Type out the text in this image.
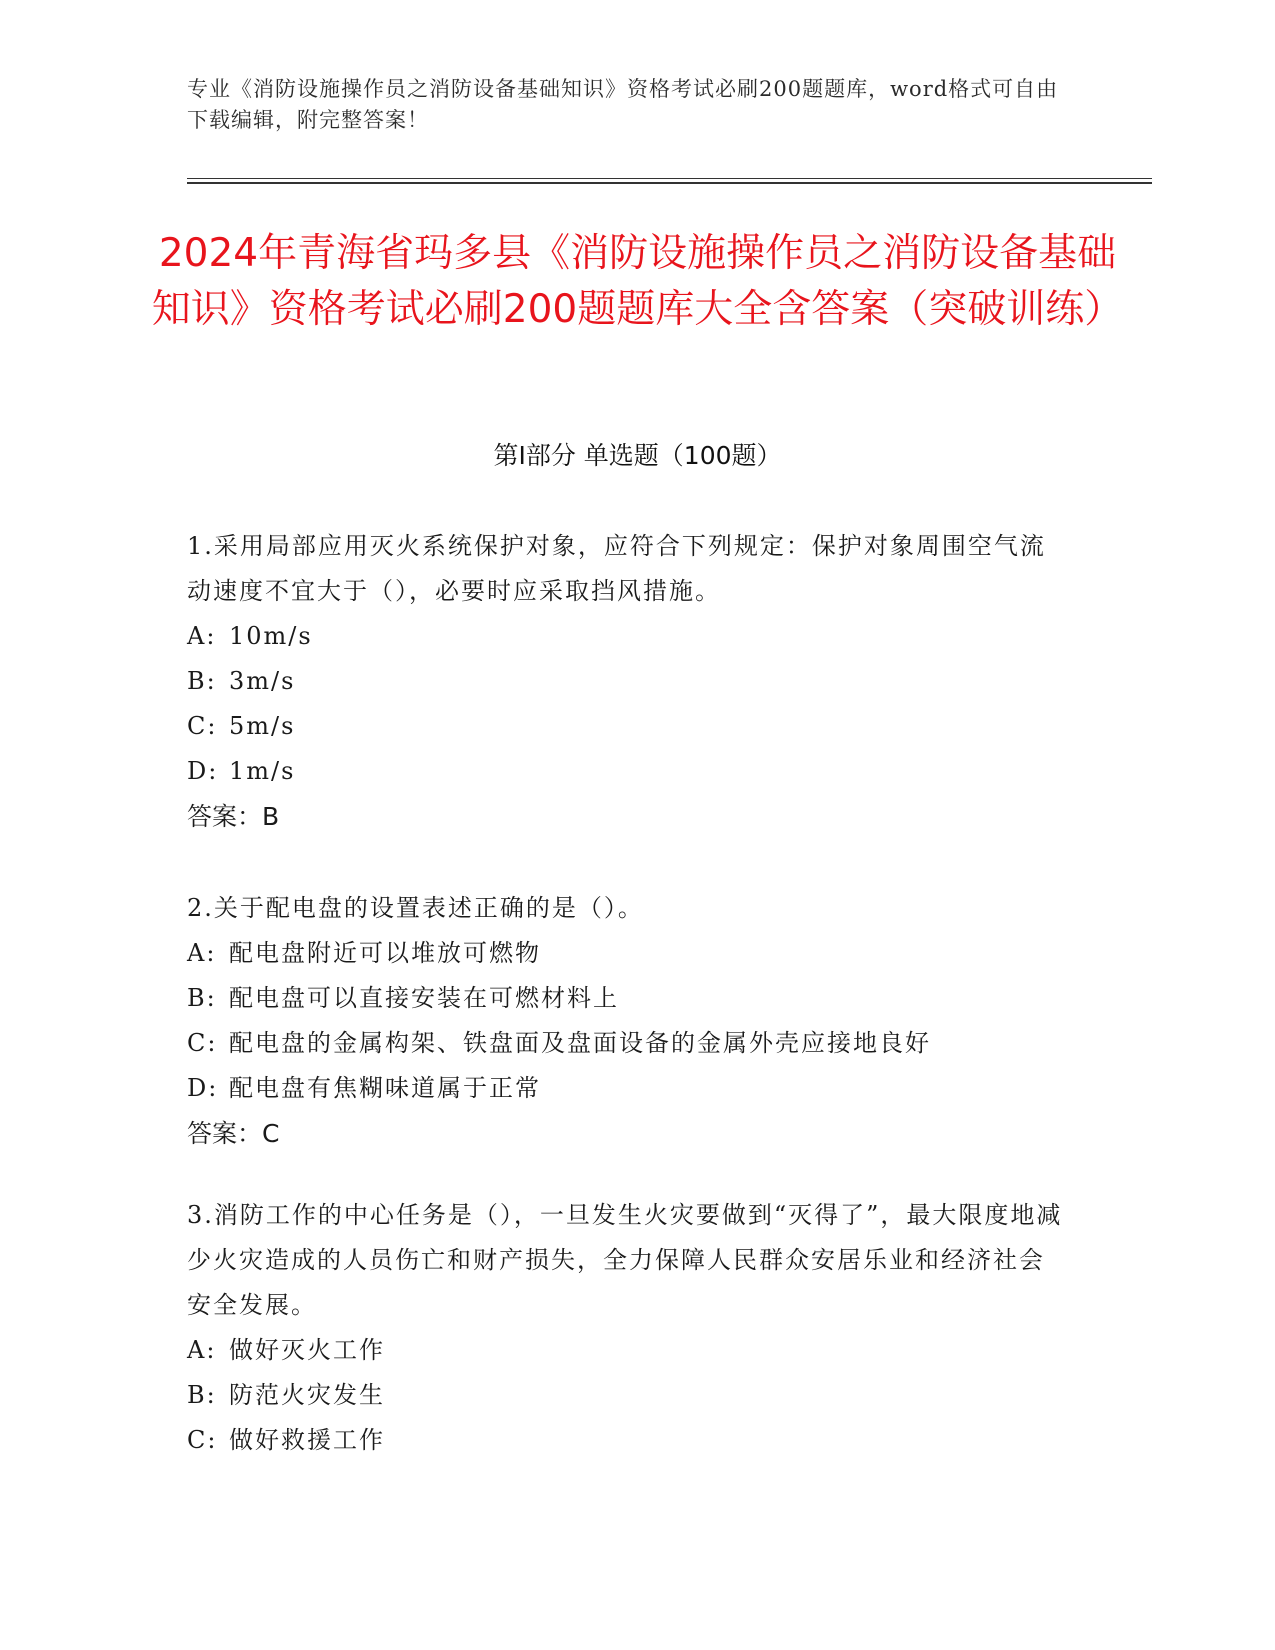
专业《消防设施操作员之消防设备基础知识》资格考试必刷200题题库，word格式可自由下载编辑，附完整答案！
2024年青海省玛多县《消防设施操作员之消防设备基础知识》资格考试必刷200题题库大全含答案（突破训练）
第Ⅰ部分 单选题（100题）

1.采用局部应用灭火系统保护对象，应符合下列规定：保护对象周围空气流动速度不宜大于（），必要时应采取挡风措施。

A: 10m/s

B: 3m/s

C: 5m/s

D: 1m/s

答案：B

2.关于配电盘的设置表述正确的是（）。

A: 配电盘附近可以堆放可燃物

B: 配电盘可以直接安装在可燃材料上

C: 配电盘的金属构架、铁盘面及盘面设备的金属外壳应接地良好

D: 配电盘有焦糊味道属于正常

答案：C

3.消防工作的中心任务是（），一旦发生火灾要做到“灭得了”，最大限度地减少火灾造成的人员伤亡和财产损失，全力保障人民群众安居乐业和经济社会安全发展。

A: 做好灭火工作

B: 防范火灾发生

C: 做好救援工作
